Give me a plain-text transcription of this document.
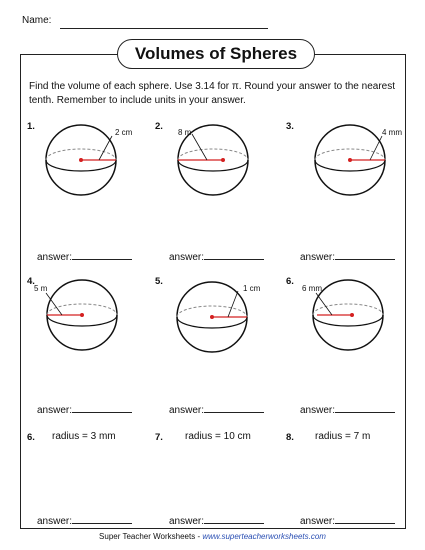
Name:
Volumes of Spheres
Find the volume of each sphere. Use 3.14 for π. Round your answer to the nearest tenth. Remember to include units in your answer.
1.
2 cm
answer:
2.
8 m
answer:
3.
4 mm
answer:
4.
5 m
answer:
5.
1 cm
answer:
6.
6 mm
answer:
6. radius = 3 mm	7. radius = 10 cm	8. radius = 7 m
answer:	answer:	answer:
Super Teacher Worksheets - www.superteacherworksheets.com
